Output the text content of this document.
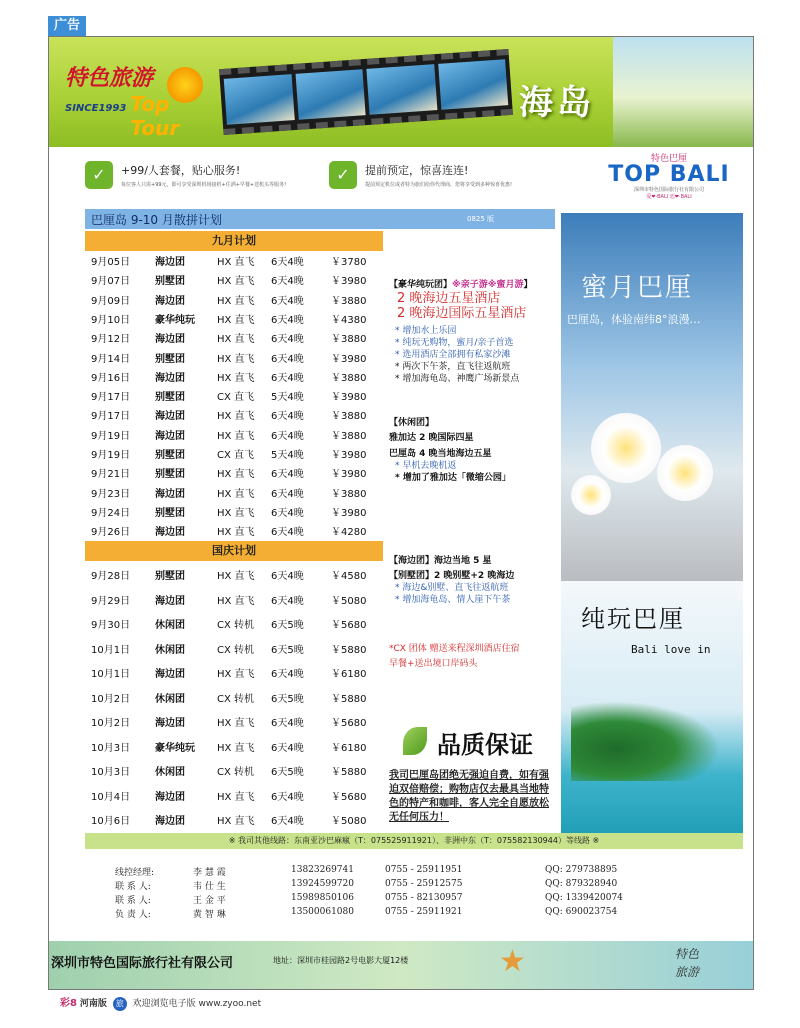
广告
特色旅游
SINCE1993 Top Tour
海岛
✓	+99/人套餐，贴心服务!
每位客人只需+99元，即可享受深圳机场接机+住酒+早餐+送机头等服务!
✓	提前预定，惊喜连连!
提前预定机位或者特为旅们给你代理商，您将享受到多种惊喜优惠!
特色巴厘
TOP BALI
深圳市特色国际旅行社有限公司
爱❤·BALI 恋❤·BALI
巴厘岛 9-10 月散拼计划	0825 版
九月计划
9月05日 海边团	HX 直飞 6天4晚	￥3780
9月07日 别墅团	HX 直飞 6天4晚	￥3980
9月09日 海边团	HX 直飞 6天4晚	￥3880
9月10日 豪华纯玩 HX 直飞 6天4晚	￥4380
9月12日 海边团	HX 直飞 6天4晚	￥3880
9月14日 别墅团	HX 直飞 6天4晚	￥3980
9月16日 海边团	HX 直飞 6天4晚	￥3880
9月17日 别墅团	CX 直飞 5天4晚	￥3980
9月17日 海边团	HX 直飞 6天4晚	￥3880
9月19日 海边团	HX 直飞 6天4晚	￥3880
9月19日 别墅团	CX 直飞 5天4晚	￥3980
9月21日 别墅团	HX 直飞 6天4晚	￥3980
9月23日 海边团	HX 直飞 6天4晚	￥3880
9月24日 别墅团	HX 直飞 6天4晚	￥3980
9月26日 海边团	HX 直飞 6天4晚	￥4280
国庆计划
9月28日 别墅团	HX 直飞 6天4晚	￥4580
9月29日 海边团	HX 直飞 6天4晚	￥5080
9月30日 休闲团	CX 转机 6天5晚	￥5680
10月1日 休闲团	CX 转机 6天5晚	￥5880
10月1日 海边团	HX 直飞 6天4晚	￥6180
10月2日 休闲团	CX 转机 6天5晚	￥5880
10月2日 海边团	HX 直飞 6天4晚	￥5680
10月3日 豪华纯玩 HX 直飞 6天4晚	￥6180
10月3日 休闲团	CX 转机 6天5晚	￥5880
10月4日 海边团	HX 直飞 6天4晚	￥5680
10月6日 海边团	HX 直飞 6天4晚	￥5080
【豪华纯玩团】※亲子游※蜜月游】
2 晚海边五星酒店
2 晚海边国际五星酒店
* 增加水上乐园
* 纯玩无购物，蜜月/亲子首选
* 选用酒店全部拥有私家沙滩
* 两次下午茶，直飞往返航班
* 增加海龟岛、神鹰广场新景点
【休闲团】
雅加达 2 晚国际四星
巴厘岛 4 晚当地海边五星
* 早机去晚机返
* 增加了雅加达「微缩公园」
【海边团】海边当地 5 星
【别墅团】2 晚别墅+2 晚海边
* 海边&别墅、直飞往返航班
* 增加海龟岛、情人崖下午茶
*CX 团体 赠送来程深圳酒店住宿
早餐+送出境口岸码头
品质保证
我司巴厘岛团绝无强迫自费，如有强迫双倍赔偿；购物店仅去最具当地特色的特产和咖啡，客人完全自愿放松无任何压力！
蜜月巴厘
巴厘岛，体验南纬8°浪漫…
纯玩巴厘
Bali love in
※ 我司其他线路：东南亚沙巴麻瘋（T：07552591192​1）、非洲中东（T：07558213094​4）等线路 ※
线控经理:	李 慧 霞	13823269741	0755 - 25911951	QQ: 279738895
联 系 人:	韦 仕 生	13924599720	0755 - 25912575	QQ: 879328940
联 系 人:	王 金 平	15989850106	0755 - 82130957	QQ: 1339420074
负 责 人:	黄 智 琳	13500061080	0755 - 25911921	QQ: 690023754
深圳市特色国际旅行社有限公司	地址：深圳市桂园路2号电影大厦12楼	★	特色
旅游
彩8 河南版 旅 欢迎浏览电子版 www.zyoo.net
